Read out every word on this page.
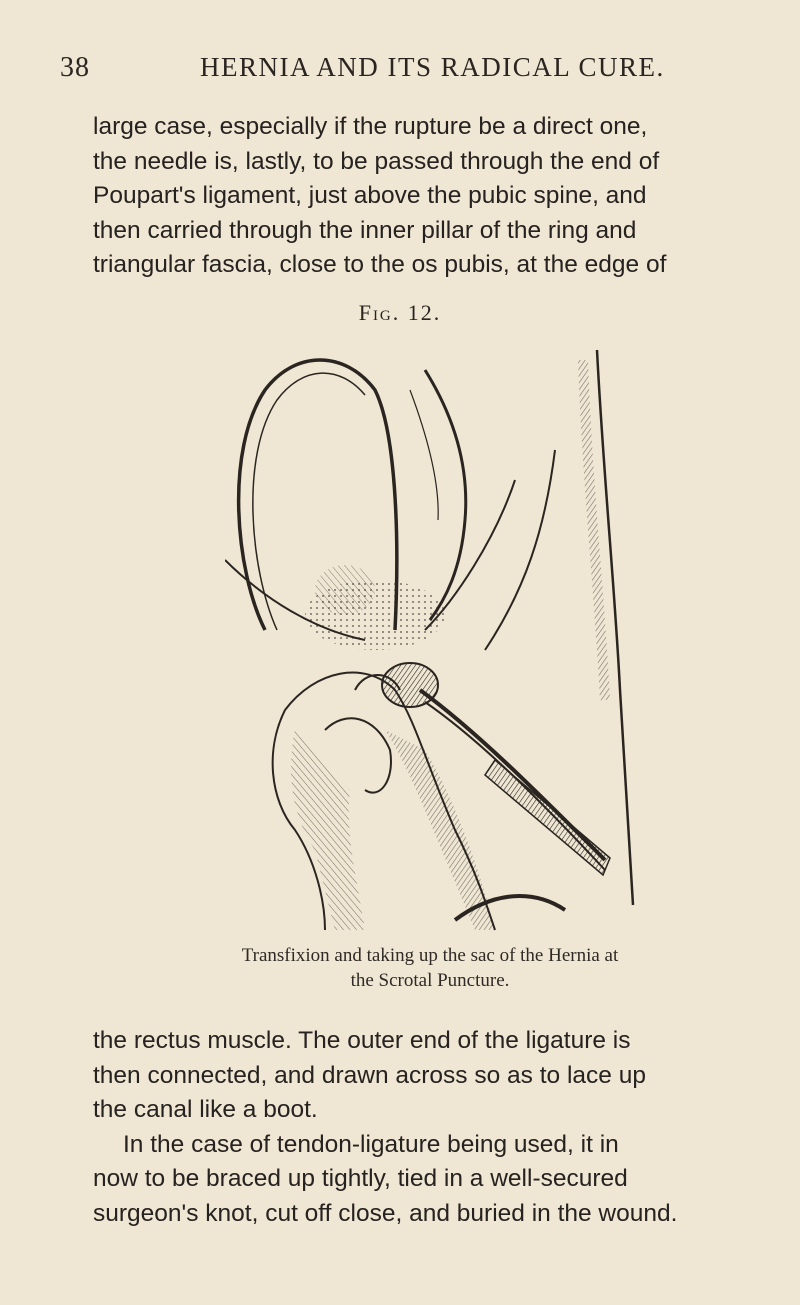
38	HERNIA AND ITS RADICAL CURE.
large case, especially if the rupture be a direct one,
the needle is, lastly, to be passed through the end of
Poupart's ligament, just above the pubic spine, and
then carried through the inner pillar of the ring and
triangular fascia, close to the os pubis, at the edge of
Fig. 12.
Transfixion and taking up the sac of the Hernia at
the Scrotal Puncture.
the rectus muscle. The outer end of the ligature is
then connected, and drawn across so as to lace up
the canal like a boot.
In the case of tendon-ligature being used, it in
now to be braced up tightly, tied in a well-secured
surgeon's knot, cut off close, and buried in the wound.
